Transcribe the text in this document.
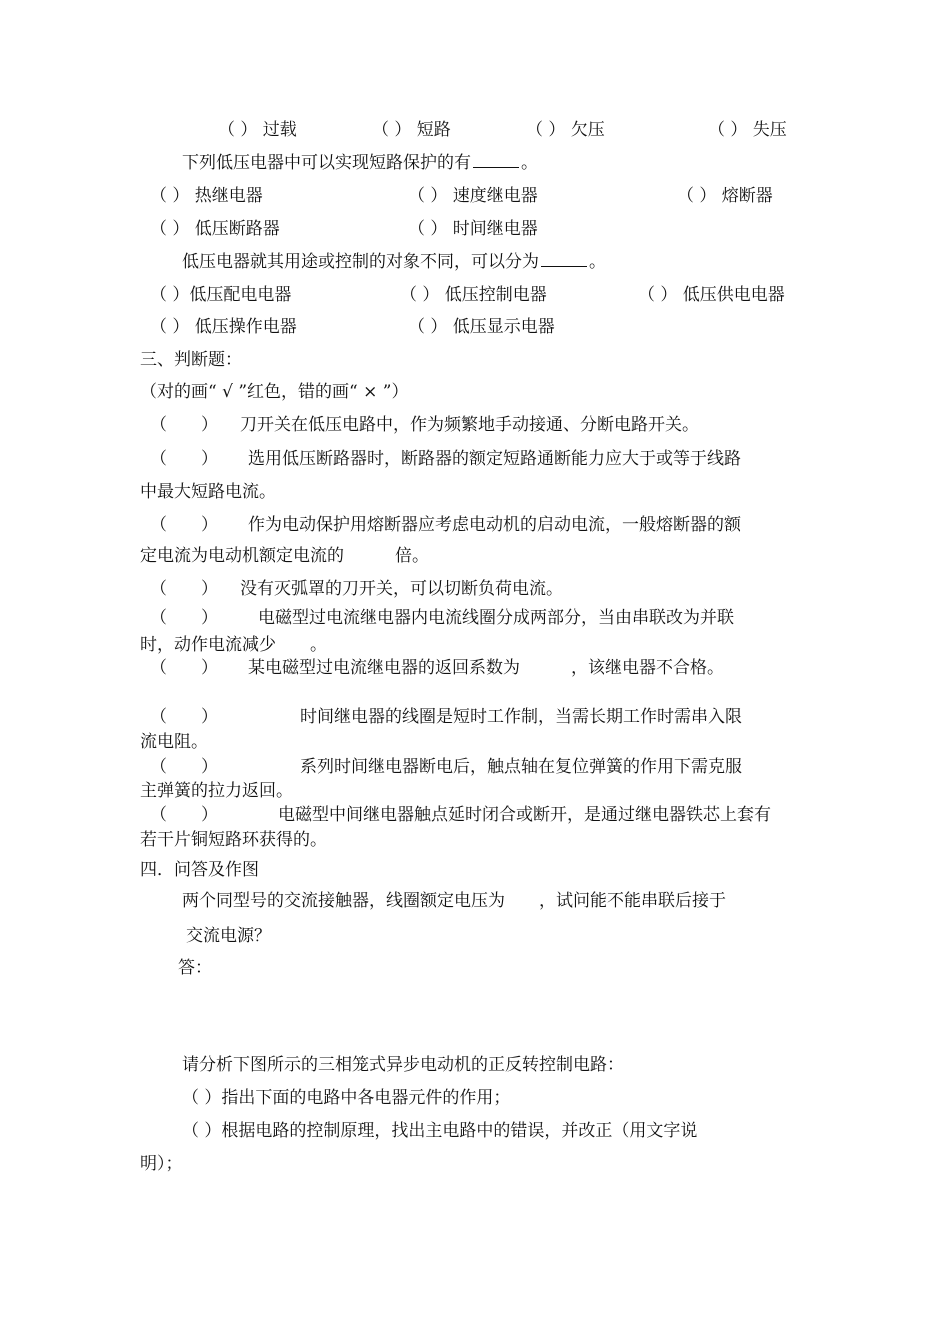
（ ） 过载	（ ） 短路	（ ） 欠压	（ ） 失压
下列低压电器中可以实现短路保护的有	。
（ ） 热继电器	（ ） 速度继电器	（ ） 熔断器
（ ） 低压断路器	（ ） 时间继电器
低压电器就其用途或控制的对象不同，可以分为	。
（ ）低压配电电器	（ ） 低压控制电器	（ ） 低压供电电器
（ ） 低压操作电器	（ ） 低压显示电器
三、判断题：
（对的画“ √ ”红色，错的画“ × ”）
（　　） 刀开关在低压电路中，作为频繁地手动接通、分断电路开关。
（　　） 选用低压断路器时，断路器的额定短路通断能力应大于或等于线路
中最大短路电流。
（　　） 作为电动保护用熔断器应考虑电动机的启动电流，一般熔断器的额
定电流为电动机额定电流的　　　倍。
（　　） 没有灭弧罩的刀开关，可以切断负荷电流。
（　　） 电磁型过电流继电器内电流线圈分成两部分，当由串联改为并联
时，动作电流减少　　。
（　　） 某电磁型过电流继电器的返回系数为　　　，该继电器不合格。
（　　）	时间继电器的线圈是短时工作制，当需长期工作时需串入限
流电阻。
（　　）	系列时间继电器断电后，触点轴在复位弹簧的作用下需克服
主弹簧的拉力返回。
（　　）	电磁型中间继电器触点延时闭合或断开，是通过继电器铁芯上套有
若干片铜短路环获得的。
四．问答及作图
两个同型号的交流接触器，线圈额定电压为　　，试问能不能串联后接于
交流电源？
答：
请分析下图所示的三相笼式异步电动机的正反转控制电路：
（ ）指出下面的电路中各电器元件的作用；
（ ）根据电路的控制原理，找出主电路中的错误，并改正（用文字说
明）；
